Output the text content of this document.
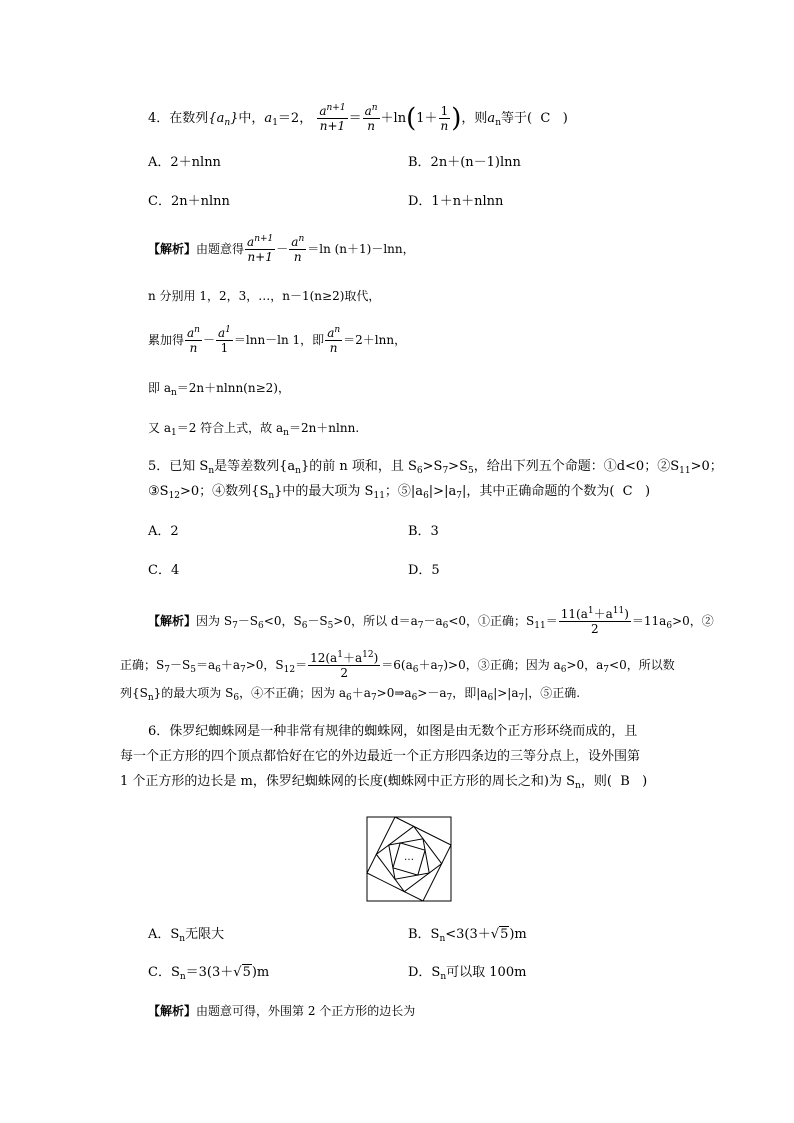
4．在数列$\{a_n\}$中，$a_1=2$， $\frac{a^{n+1}}{n+1} = \frac{a^n}{n} +\ln(1+ \frac{1}{n}$ )，则$a_n$等于( C )
A．2＋nlnn	B．2n＋(n－1)lnn
C．2n＋nlnn	D．1＋n＋nlnn
【解析】由题意得 $\frac{a^{n+1}}{n+1} - \frac{a^n}{n} =\ln$ (n＋1)－lnn，
n 分别用 1，2，3，…，n－1(n≥2)取代，
累加得 $\frac{a^n}{n} - \frac{a^1}{1} =\ln n-\ln$ 1，即 $\frac{a^n}{n} =2+\ln n$，
即 $a_n=2n+nlnn(n\ge 2)$，
又 $a_1=2$ 符合上式，故 $a_n=2n+nlnn$.
5．已知 $S_n$是等差数列$\{a_n\}$的前 n 项和，且 $S_6>S_7>S_5$，给出下列五个命题：①d<0；$②S_{11}>0$；
$③S_{12}>0$；④数列$\{S_n\}$中的最大项为 $S_{11}$；$⑤|a_6|>|a_7|$，其中正确命题的个数为( C )
A．2	B．3
C．4	D．5
【解析】因为 $S_7-S_6<0$，$S_6-S_5>0$，所以 $d=a_7-a_6<0$，①正确；$S_{11}= \frac{11(a^1+a^{11})}{2} =11a_6>0$，②
正确；$S_7-S_5=a_6+a_7>0$，$S_{12}= \frac{12(a^1+a^{12})}{2} =6(a_6+a_7)>0$，③正确；因为 $a_6>0$，$a_7<0$，所以数
列$\{S_n\}$的最大项为 $S_6$，④不正确；因为 $a_6+a_7>0\Rightarrow a_6>-a_7$，即$|a_6|>|a_7|$，⑤正确.
6．侏罗纪蜘蛛网是一种非常有规律的蜘蛛网，如图是由无数个正方形环绕而成的，且
每一个正方形的四个顶点都恰好在它的外边最近一个正方形四条边的三等分点上，设外围第
1 个正方形的边长是 m，侏罗纪蜘蛛网的长度(蜘蛛网中正方形的周长之和)为 $S_n$，则( B )
…
A．$S_n$无限大	B．$S_n<3(3+√5)m$
C．$S_n=3(3+√5)m$	D．$S_n$可以取 100m
【解析】由题意可得，外围第 2 个正方形的边长为
